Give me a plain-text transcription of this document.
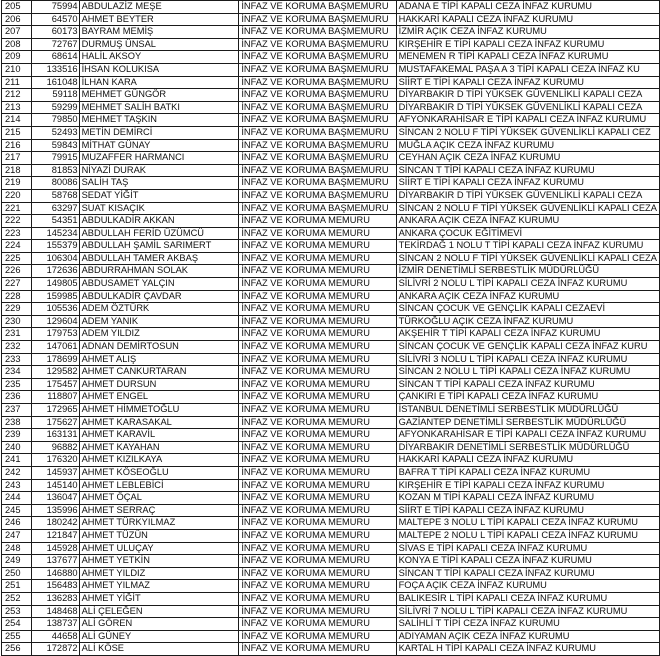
205	75994	ABDULAZİZ MEŞE	İNFAZ VE KORUMA BAŞMEMURU	ADANA E TİPİ KAPALI CEZA İNFAZ KURUMU
206	64570	AHMET BEYTER	İNFAZ VE KORUMA BAŞMEMURU	HAKKARİ KAPALI CEZA İNFAZ KURUMU
207	60173	BAYRAM MEMİŞ	İNFAZ VE KORUMA BAŞMEMURU	İZMİR AÇIK CEZA İNFAZ KURUMU
208	72767	DURMUŞ ÜNSAL	İNFAZ VE KORUMA BAŞMEMURU	KIRŞEHİR E TİPİ KAPALI CEZA İNFAZ KURUMU
209	68614	HALİL AKSOY	İNFAZ VE KORUMA BAŞMEMURU	MENEMEN R TİPİ KAPALI CEZA İNFAZ KURUMU
210	133516	İHSAN KOLUKISA	İNFAZ VE KORUMA BAŞMEMURU	MUSTAFAKEMAL PAŞA A 3 TİPİ KAPALI CEZA İNFAZ KU
211	161048	İLHAN KARA	İNFAZ VE KORUMA BAŞMEMURU	SİİRT E TİPİ KAPALI CEZA İNFAZ KURUMU
212	59118	MEHMET GÜNGÖR	İNFAZ VE KORUMA BAŞMEMURU	DİYARBAKIR D TİPİ YÜKSEK GÜVENLİKLİ KAPALI CEZA
213	59299	MEHMET SALİH BATKI	İNFAZ VE KORUMA BAŞMEMURU	DİYARBAKIR D TİPİ YÜKSEK GÜVENLİKLİ KAPALI CEZA
214	79850	MEHMET TAŞKIN	İNFAZ VE KORUMA BAŞMEMURU	AFYONKARAHİSAR E TİPİ KAPALI CEZA İNFAZ KURUMU
215	52493	METİN DEMİRCİ	İNFAZ VE KORUMA BAŞMEMURU	SİNCAN 2 NOLU F TİPİ YÜKSEK GÜVENLİKLİ KAPALI CEZ
216	59843	MİTHAT GÜNAY	İNFAZ VE KORUMA BAŞMEMURU	MUĞLA AÇIK CEZA İNFAZ KURUMU
217	79915	MUZAFFER HARMANCI	İNFAZ VE KORUMA BAŞMEMURU	CEYHAN AÇIK CEZA İNFAZ KURUMU
218	81853	NİYAZİ DURAK	İNFAZ VE KORUMA BAŞMEMURU	SİNCAN T TİPİ KAPALI CEZA İNFAZ KURUMU
219	80086	SALİH TAŞ	İNFAZ VE KORUMA BAŞMEMURU	SİİRT E TİPİ KAPALI CEZA İNFAZ KURUMU
220	58768	SEDAT YİĞİT	İNFAZ VE KORUMA BAŞMEMURU	DİYARBAKIR D TİPİ YÜKSEK GÜVENLİKLİ KAPALI CEZA
221	63297	SUAT KISAÇIK	İNFAZ VE KORUMA BAŞMEMURU	SİNCAN 2 NOLU F TİPİ YÜKSEK GÜVENLİKLİ KAPALI CEZA
222	54351	ABDULKADİR AKKAN	İNFAZ VE KORUMA MEMURU	ANKARA AÇIK CEZA İNFAZ KURUMU
223	145234	ABDULLAH FERİD ÜZÜMCÜ	İNFAZ VE KORUMA MEMURU	ANKARA ÇOCUK EĞİTİMEVİ
224	155379	ABDULLAH ŞAMİL SARIMERT	İNFAZ VE KORUMA MEMURU	TEKİRDAĞ 1 NOLU T TİPİ KAPALI CEZA İNFAZ KURUMU
225	106304	ABDULLAH TAMER AKBAŞ	İNFAZ VE KORUMA MEMURU	SİNCAN 2 NOLU F TİPİ YÜKSEK GÜVENLİKLİ KAPALI CEZA
226	172636	ABDURRAHMAN SOLAK	İNFAZ VE KORUMA MEMURU	İZMİR DENETİMLİ SERBESTLİK MÜDÜRLÜĞÜ
227	149805	ABDUSAMET YALÇIN	İNFAZ VE KORUMA MEMURU	SİLİVRİ 2 NOLU L TİPİ KAPALI CEZA İNFAZ KURUMU
228	159985	ABDULKADİR ÇAVDAR	İNFAZ VE KORUMA MEMURU	ANKARA AÇIK CEZA İNFAZ KURUMU
229	105536	ADEM ÖZTÜRK	İNFAZ VE KORUMA MEMURU	SİNCAN ÇOCUK VE GENÇLİK KAPALI CEZAEVİ
230	129604	ADEM YANIK	İNFAZ VE KORUMA MEMURU	TÜRKOĞLU AÇIK CEZA İNFAZ KURUMU
231	179753	ADEM YILDIZ	İNFAZ VE KORUMA MEMURU	AKŞEHİR T TİPİ KAPALI CEZA İNFAZ KURUMU
232	147061	ADNAN DEMİRTOSUN	İNFAZ VE KORUMA MEMURU	SİNCAN ÇOCUK VE GENÇLİK KAPALI CEZA İNFAZ KURU
233	178699	AHMET ALIŞ	İNFAZ VE KORUMA MEMURU	SİLİVRİ 3 NOLU L TİPİ KAPALI CEZA İNFAZ KURUMU
234	129582	AHMET CANKURTARAN	İNFAZ VE KORUMA MEMURU	SİNCAN 2 NOLU L TİPİ KAPALI CEZA İNFAZ KURUMU
235	175457	AHMET DURSUN	İNFAZ VE KORUMA MEMURU	SİNCAN T TİPİ KAPALI CEZA İNFAZ KURUMU
236	118807	AHMET ENGEL	İNFAZ VE KORUMA MEMURU	ÇANKIRI E TİPİ KAPALI CEZA İNFAZ KURUMU
237	172965	AHMET HİMMETOĞLU	İNFAZ VE KORUMA MEMURU	İSTANBUL DENETİMLİ SERBESTLİK MÜDÜRLÜĞÜ
238	175627	AHMET KARASAKAL	İNFAZ VE KORUMA MEMURU	GAZİANTEP DENETİMLİ SERBESTLİK MÜDÜRLÜĞÜ
239	163131	AHMET KARAVİL	İNFAZ VE KORUMA MEMURU	AFYONKARAHİSAR E TİPİ KAPALI CEZA İNFAZ KURUMU
240	96882	AHMET KAYAHAN	İNFAZ VE KORUMA MEMURU	DİYARBAKIR DENETİMLİ SERBESTLİK MÜDÜRLÜĞÜ
241	176320	AHMET KIZILKAYA	İNFAZ VE KORUMA MEMURU	HAKKARİ KAPALI CEZA İNFAZ KURUMU
242	145937	AHMET KÖSEOĞLU	İNFAZ VE KORUMA MEMURU	BAFRA T TİPİ KAPALI CEZA İNFAZ KURUMU
243	145140	AHMET LEBLEBİCİ	İNFAZ VE KORUMA MEMURU	KIRŞEHİR E TİPİ KAPALI CEZA İNFAZ KURUMU
244	136047	AHMET ÖÇAL	İNFAZ VE KORUMA MEMURU	KOZAN M TİPİ KAPALI CEZA İNFAZ KURUMU
245	135996	AHMET SERRAÇ	İNFAZ VE KORUMA MEMURU	SİİRT E TİPİ KAPALI CEZA İNFAZ KURUMU
246	180242	AHMET TÜRKYILMAZ	İNFAZ VE KORUMA MEMURU	MALTEPE 3 NOLU L TİPİ KAPALI CEZA İNFAZ KURUMU
247	121847	AHMET TÜZÜN	İNFAZ VE KORUMA MEMURU	MALTEPE 2 NOLU L TİPİ KAPALI CEZA İNFAZ KURUMU
248	145928	AHMET ULUÇAY	İNFAZ VE KORUMA MEMURU	SİVAS E TİPİ KAPALI CEZA İNFAZ KURUMU
249	137677	AHMET YETKİN	İNFAZ VE KORUMA MEMURU	KONYA E TİPİ KAPALI CEZA İNFAZ KURUMU
250	146880	AHMET YILDIZ	İNFAZ VE KORUMA MEMURU	SİNCAN T TİPİ KAPALI CEZA İNFAZ KURUMU
251	156483	AHMET YILMAZ	İNFAZ VE KORUMA MEMURU	FOÇA AÇIK CEZA İNFAZ KURUMU
252	136283	AHMET YİĞİT	İNFAZ VE KORUMA MEMURU	BALIKESİR L TİPİ KAPALI CEZA İNFAZ KURUMU
253	148468	ALİ ÇELEĞEN	İNFAZ VE KORUMA MEMURU	SİLİVRİ 7 NOLU L TİPİ KAPALI CEZA İNFAZ KURUMU
254	138737	ALİ GÖREN	İNFAZ VE KORUMA MEMURU	SALİHLİ T TİPİ CEZA İNFAZ KURUMU
255	44658	ALİ GÜNEY	İNFAZ VE KORUMA MEMURU	ADIYAMAN AÇIK CEZA İNFAZ KURUMU
256	172872	ALİ KÖSE	İNFAZ VE KORUMA MEMURU	KARTAL H TİPİ KAPALI CEZA İNFAZ KURUMU
